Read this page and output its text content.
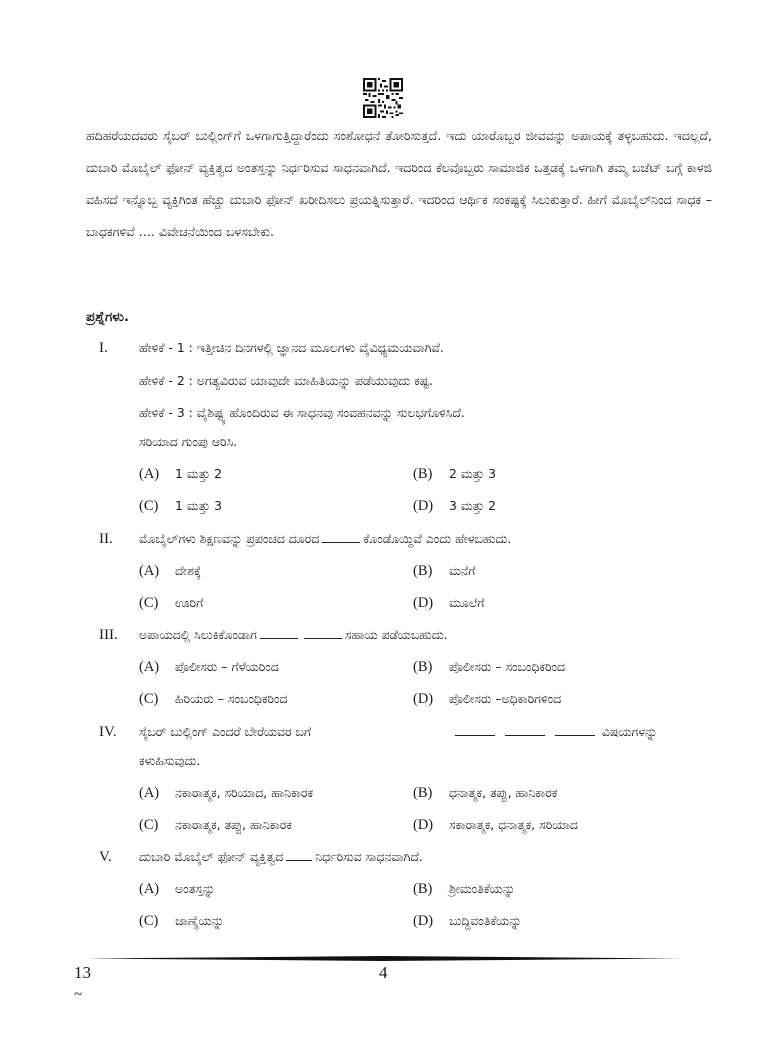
ಹದಿಹರೆಯದವರು ಸೈಬರ್ ಬುಲ್ಲಿಂಗ್‌ಗೆ ಒಳಗಾಗುತ್ತಿದ್ದಾರೆಂದು ಸಂಶೋಧನೆ ತೋರಿಸುತ್ತದೆ. ಇದು ಯಾರೊಬ್ಬರ ಜೀವವನ್ನು ಅಪಾಯಕ್ಕೆ ತಳ್ಳಬಹುದು. ಇದಲ್ಲದೆ, ದುಬಾರಿ ಮೊಬೈಲ್ ಫೋನ್ ವ್ಯಕ್ತಿತ್ವದ ಅಂತಸ್ತನ್ನು ನಿರ್ಧರಿಸುವ ಸಾಧನವಾಗಿದೆ. ಇದರಿಂದ ಕೆಲವೊಬ್ಬರು ಸಾಮಾಜಿಕ ಒತ್ತಡಕ್ಕೆ ಒಳಗಾಗಿ ತಮ್ಮ ಬಜೆಟ್ ಬಗ್ಗೆ ಕಾಳಜಿ ವಹಿಸದೆ ಇನ್ನೊಬ್ಬ ವ್ಯಕ್ತಿಗಿಂತ ಹೆಚ್ಚು ದುಬಾರಿ ಫೋನ್ ಖರೀದಿಸಲು ಪ್ರಯತ್ನಿಸುತ್ತಾರೆ. ಇದರಿಂದ ಆರ್ಥಿಕ ಸಂಕಷ್ಟಕ್ಕೆ ಸಿಲುಕುತ್ತಾರೆ. ಹೀಗೆ ಮೊಬೈಲ್‌ನಿಂದ ಸಾಧಕ – ಬಾಧಕಗಳಿವೆ …. ವಿವೇಚನೆಯಿಂದ ಬಳಸಬೇಕು.
ಪ್ರಶ್ನೆಗಳು.
I.	ಹೇಳಿಕೆ - 1 : ಇತ್ತೀಚಿನ ದಿನಗಳಲ್ಲಿ ಜ್ಞಾನದ ಮೂಲಗಳು ವೈವಿಧ್ಯಮಯವಾಗಿವೆ.
ಹೇಳಿಕೆ - 2 : ಅಗತ್ಯವಿರುವ ಯಾವುದೇ ಮಾಹಿತಿಯನ್ನು ಪಡೆಯುವುದು ಕಷ್ಟ.
ಹೇಳಿಕೆ - 3 : ವೈಶಿಷ್ಟ್ಯ ಹೊಂದಿರುವ ಈ ಸಾಧನವು ಸಂವಹನವನ್ನು ಸುಲಭಗೊಳಿಸಿದೆ.
ಸರಿಯಾದ ಗುಂಪು ಆರಿಸಿ.
(A) 1 ಮತ್ತು 2	(B) 2 ಮತ್ತು 3
(C) 1 ಮತ್ತು 3	(D) 3 ಮತ್ತು 2
II. ಮೊಬೈಲ್‌ಗಳು ಶಿಕ್ಷಣವನ್ನು ಪ್ರಪಂಚದ ದೂರದ	ಕೊಂಡೊಯ್ದಿವೆ ಎಂದು ಹೇಳಬಹುದು.
(A) ದೇಶಕ್ಕೆ	(B) ಮನೆಗೆ
(C) ಊರಿಗೆ	(D) ಮೂಲೆಗೆ
III. ಅಪಾಯದಲ್ಲಿ ಸಿಲುಕಿಕೊಂಡಾಗ	ಸಹಾಯ ಪಡೆಯಬಹುದು.
(A) ಪೊಲೀಸರು – ಗೆಳೆಯರಿಂದ	(B) ಪೊಲೀಸರು – ಸಂಬಂಧಿಕರಿಂದ
(C) ಹಿರಿಯರು – ಸಂಬಂಧಿಕರಿಂದ	(D) ಪೊಲೀಸರು –ಅಧಿಕಾರಿಗಳಿಂದ
IV. ಸೈಬರ್ ಬುಲ್ಲಿಂಗ್ ಎಂದರೆ ಬೇರೆಯವರ ಬಗೆ	ವಿಷಯಗಳನ್ನು
ಕಳುಹಿಸುವುದು.
(A) ನಕಾರಾತ್ಮಕ, ಸರಿಯಾದ, ಹಾನಿಕಾರಕ	(B) ಧನಾತ್ಮಕ, ತಪ್ಪು, ಹಾನಿಕಾರಕ
(C) ನಕಾರಾತ್ಮಕ, ತಪ್ಪು, ಹಾನಿಕಾರಕ	(D) ಸಕಾರಾತ್ಮಕ, ಧನಾತ್ಮಕ, ಸರಿಯಾದ
V. ದುಬಾರಿ ಮೊಬೈಲ್ ಫೋನ್ ವ್ಯಕ್ತಿತ್ವದ	ನಿರ್ಧರಿಸುವ ಸಾಧನವಾಗಿದೆ.
(A) ಅಂತಸ್ತನ್ನು	(B) ಶ್ರೀಮಂತಿಕೆಯನ್ನು
(C) ಜಾಣ್ಮೆಯನ್ನು	(D) ಬುದ್ಧಿವಂತಿಕೆಯನ್ನು
13
~
4
